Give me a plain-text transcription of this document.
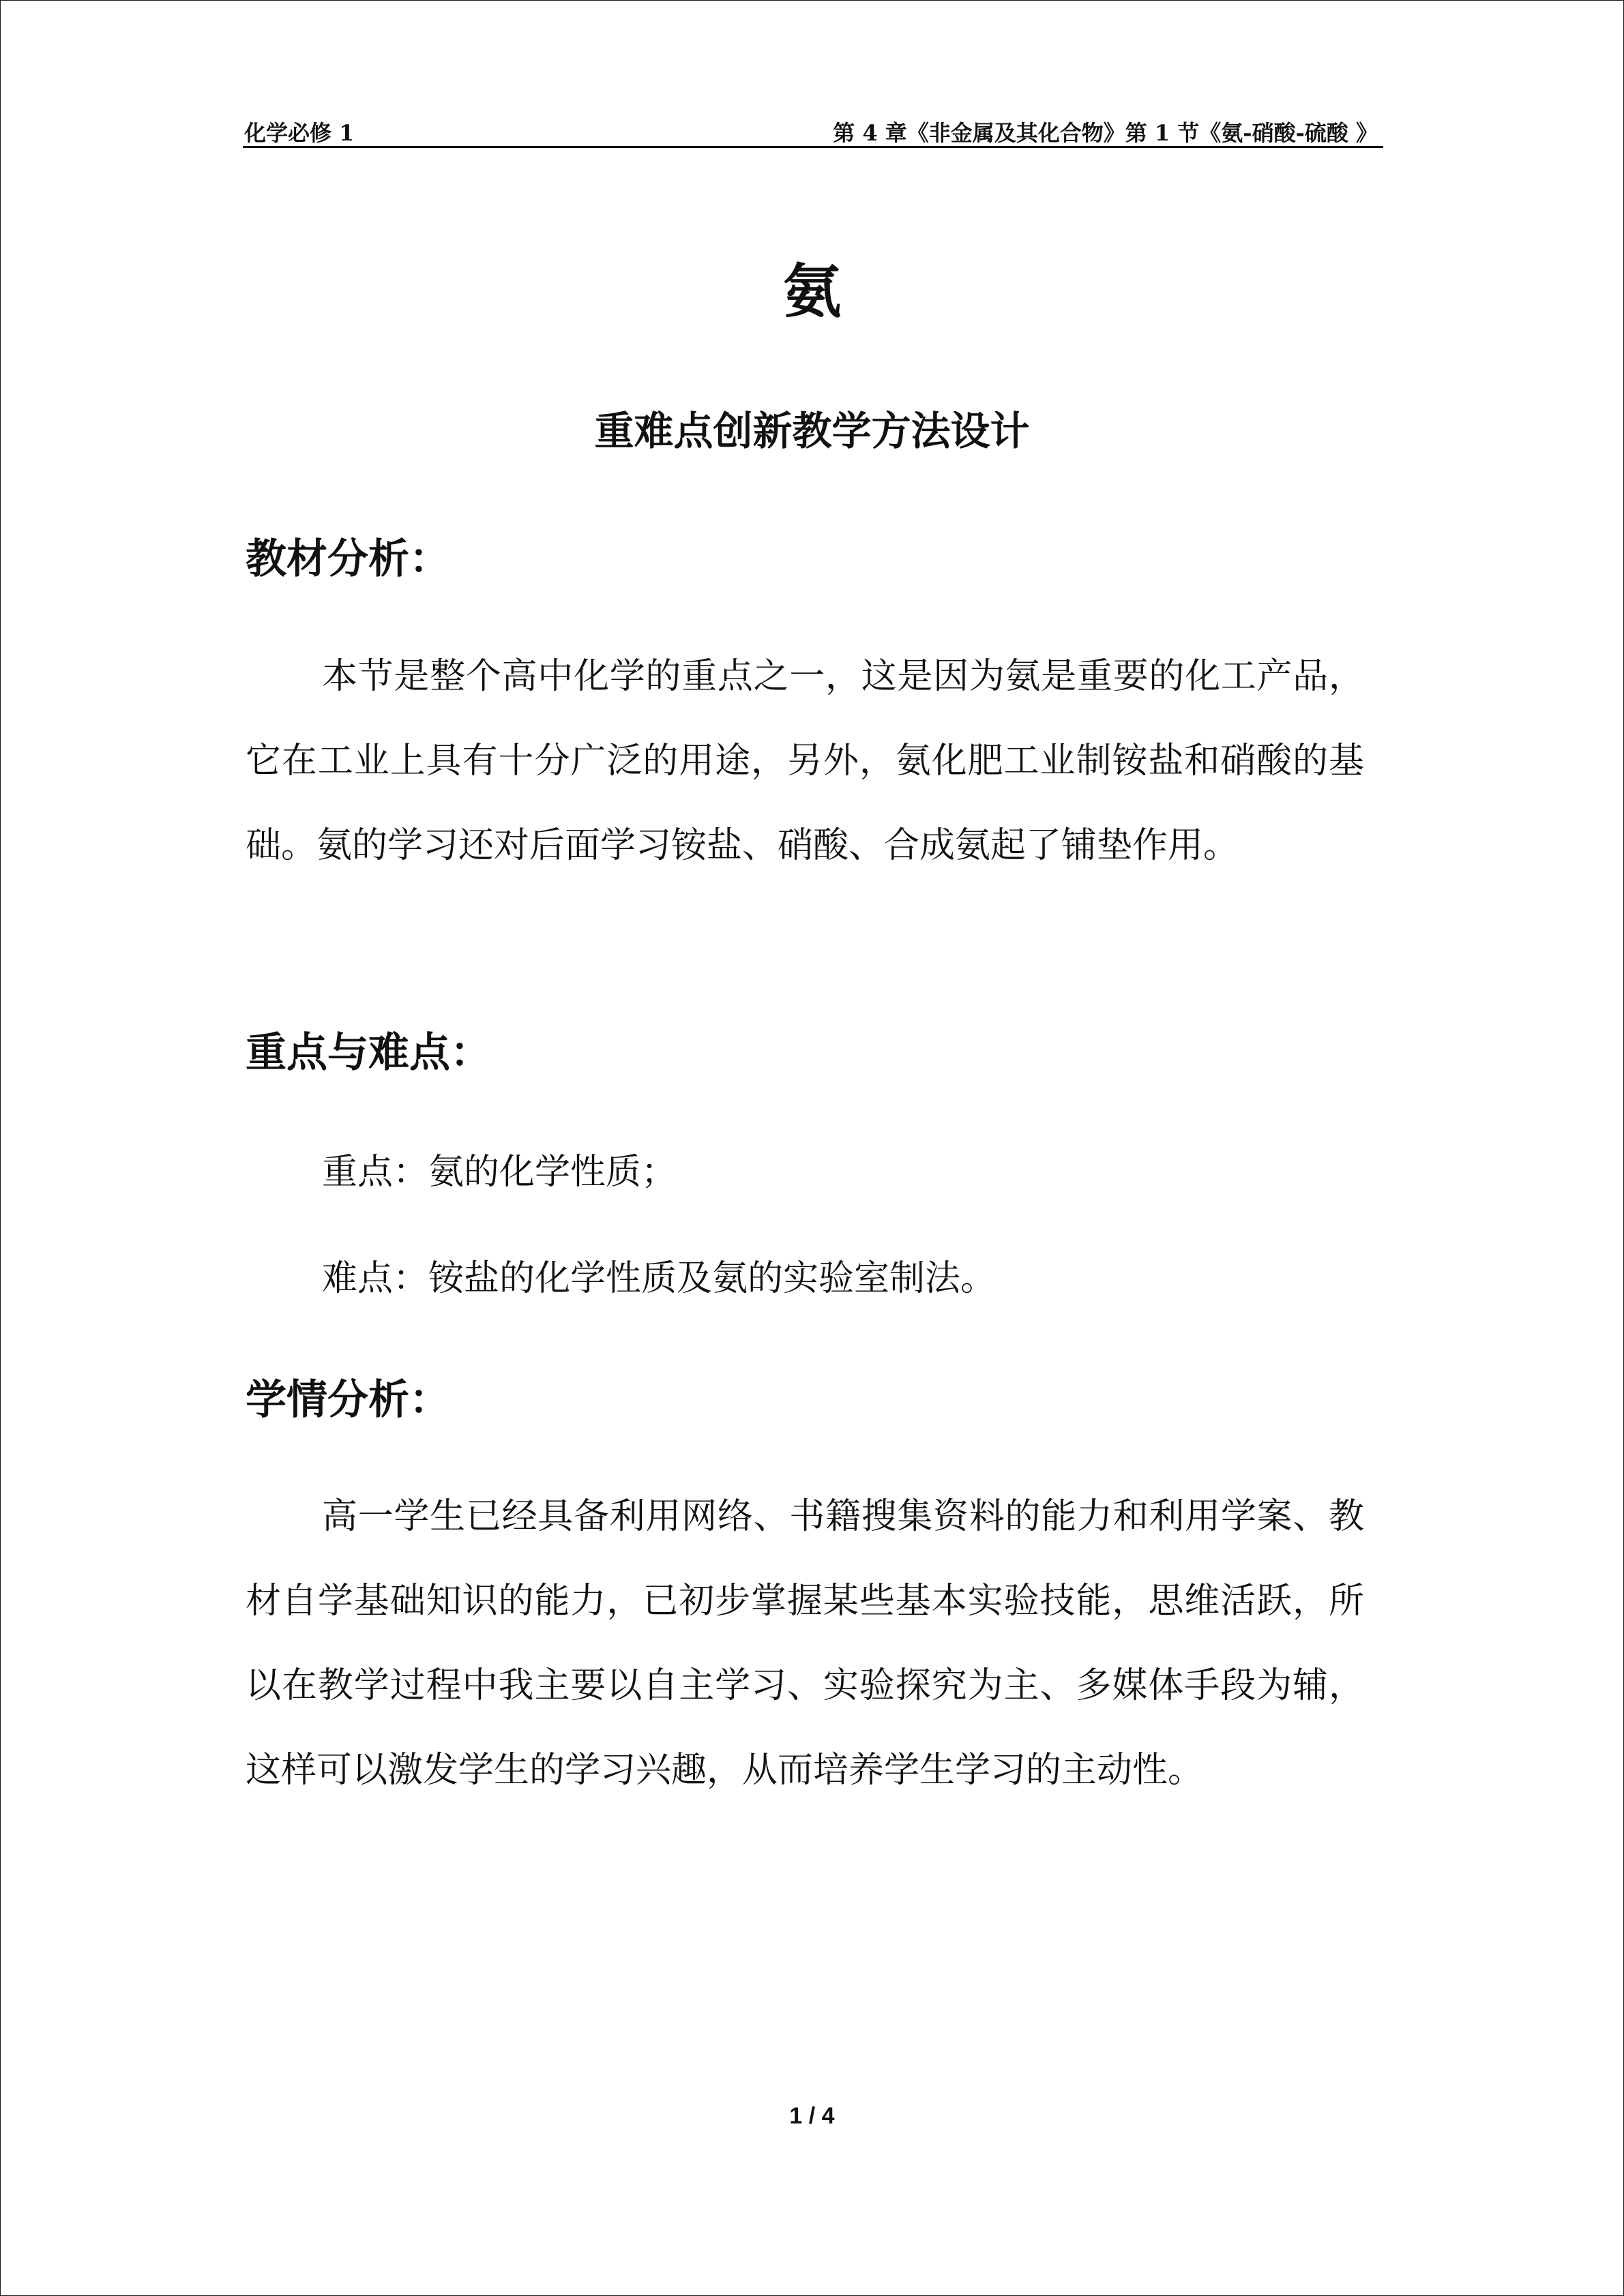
化学必修 1	第 4 章《非金属及其化合物》第 1 节《氨-硝酸-硫酸 》
氨
重难点创新教学方法设计
教材分析：

本节是整个高中化学的重点之一，这是因为氨是重要的化工产品，它在工业上具有十分广泛的用途，另外，氨化肥工业制铵盐和硝酸的基础。氨的学习还对后面学习铵盐、硝酸、合成氨起了铺垫作用。

重点与难点：
重点：氨的化学性质；
难点：铵盐的化学性质及氨的实验室制法。
学情分析：

高一学生已经具备利用网络、书籍搜集资料的能力和利用学案、教材自学基础知识的能力，已初步掌握某些基本实验技能，思维活跃，所以在教学过程中我主要以自主学习、实验探究为主、多媒体手段为辅，这样可以激发学生的学习兴趣，从而培养学生学习的主动性。

1 / 4
